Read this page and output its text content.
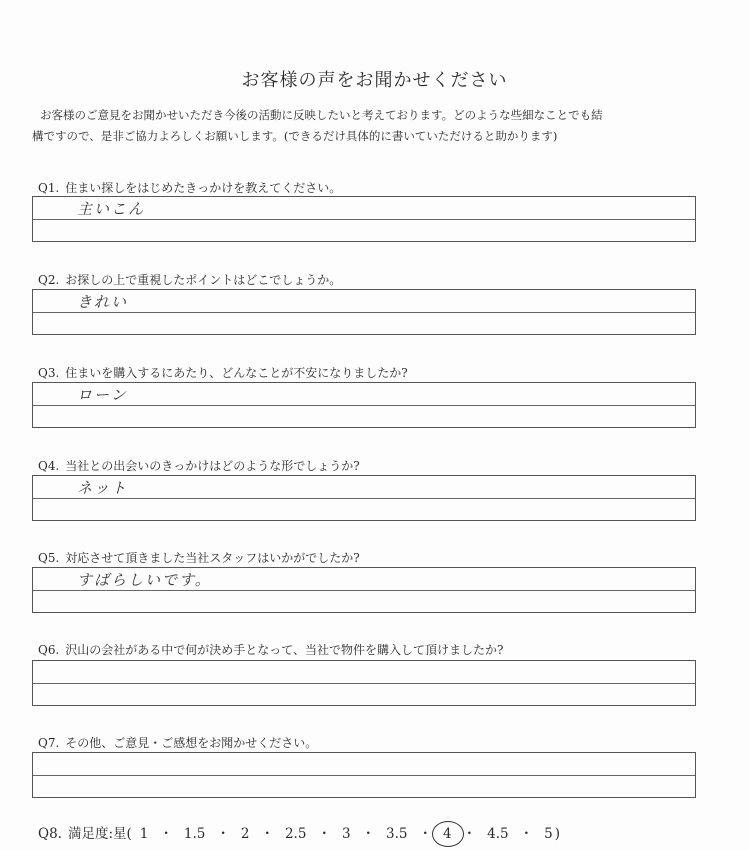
お客様の声をお聞かせください
お客様のご意見をお聞かせいただき今後の活動に反映したいと考えております。どのような些細なことでも結
構ですので、是非ご協力よろしくお願いします。(できるだけ具体的に書いていただけると助かります)
Q1. 住まい探しをはじめたきっかけを教えてください。
主いこん
Q2. お探しの上で重視したポイントはどこでしょうか。
きれい
Q3. 住まいを購入するにあたり、どんなことが不安になりましたか?
ローン
Q4. 当社との出会いのきっかけはどのような形でしょうか?
ネット
Q5. 対応させて頂きました当社スタッフはいかがでしたか?
すばらしいです。
Q6. 沢山の会社がある中で何が決め手となって、当社で物件を購入して頂けましたか?
Q7. その他、ご意見・ご感想をお聞かせください。
Q8. 満足度:星( 1 ・ 1.5 ・ 2 ・ 2.5 ・ 3 ・ 3.5 ・ 4 ・ 4.5 ・ 5 )
